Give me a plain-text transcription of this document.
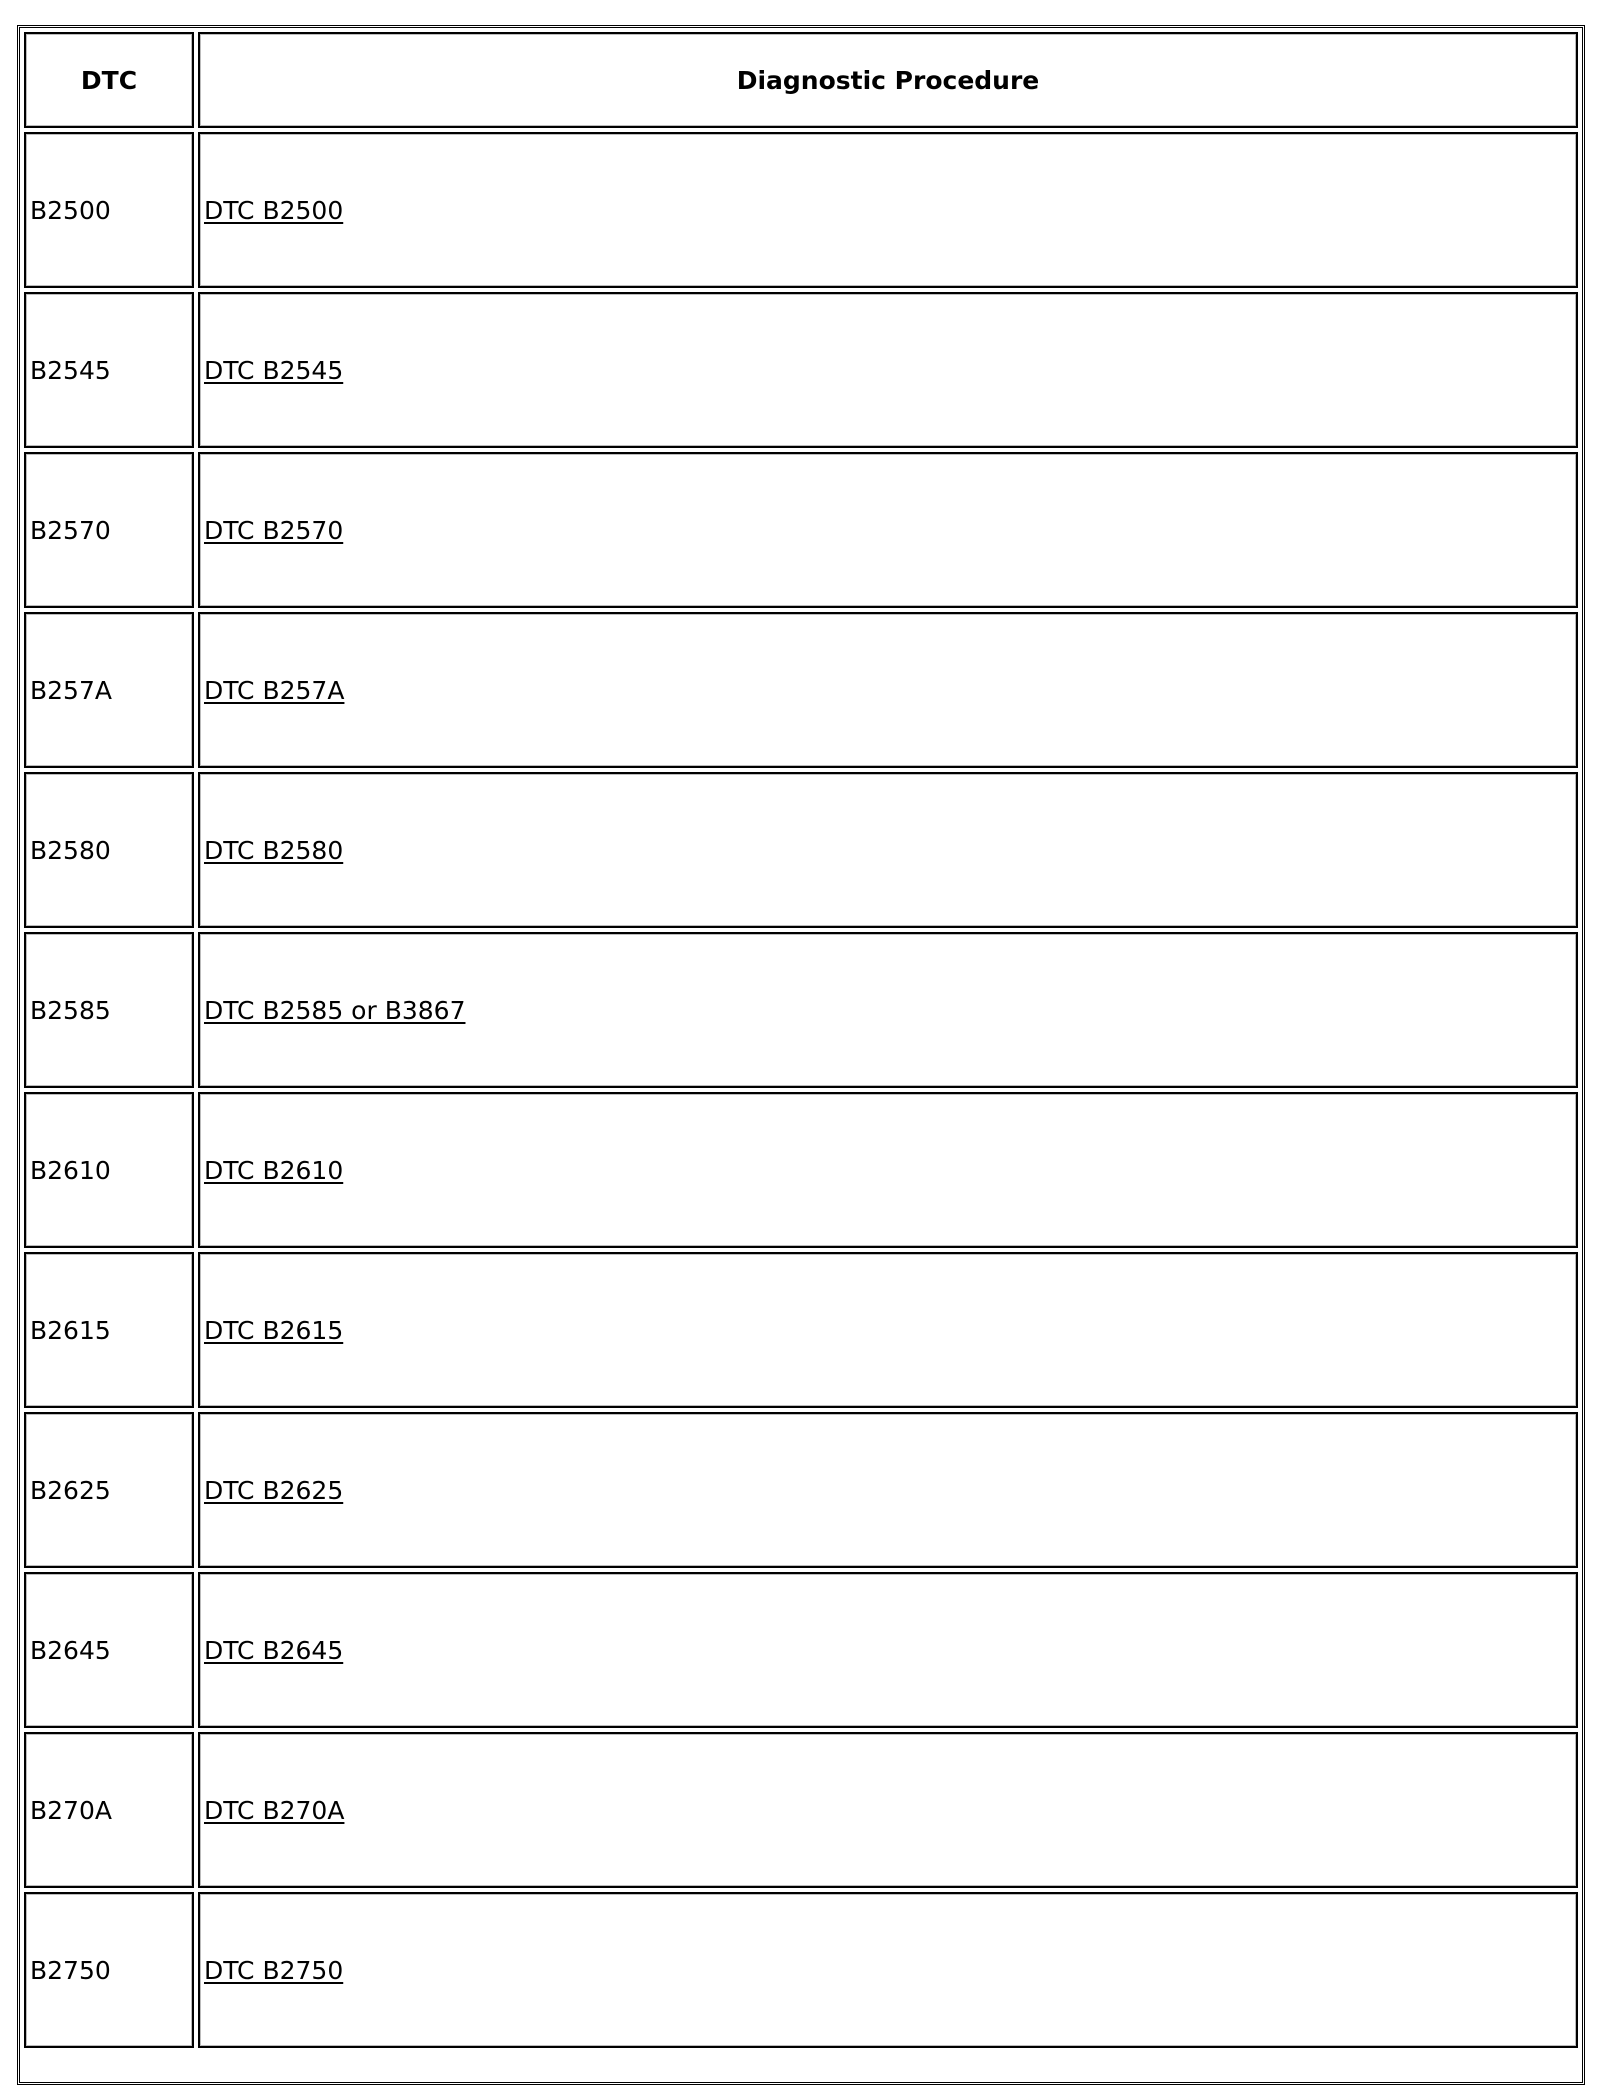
DTC	Diagnostic Procedure
B2500	DTC B2500
B2545	DTC B2545
B2570	DTC B2570
B257A	DTC B257A
B2580	DTC B2580
B2585	DTC B2585 or B3867
B2610	DTC B2610
B2615	DTC B2615
B2625	DTC B2625
B2645	DTC B2645
B270A	DTC B270A
B2750	DTC B2750
